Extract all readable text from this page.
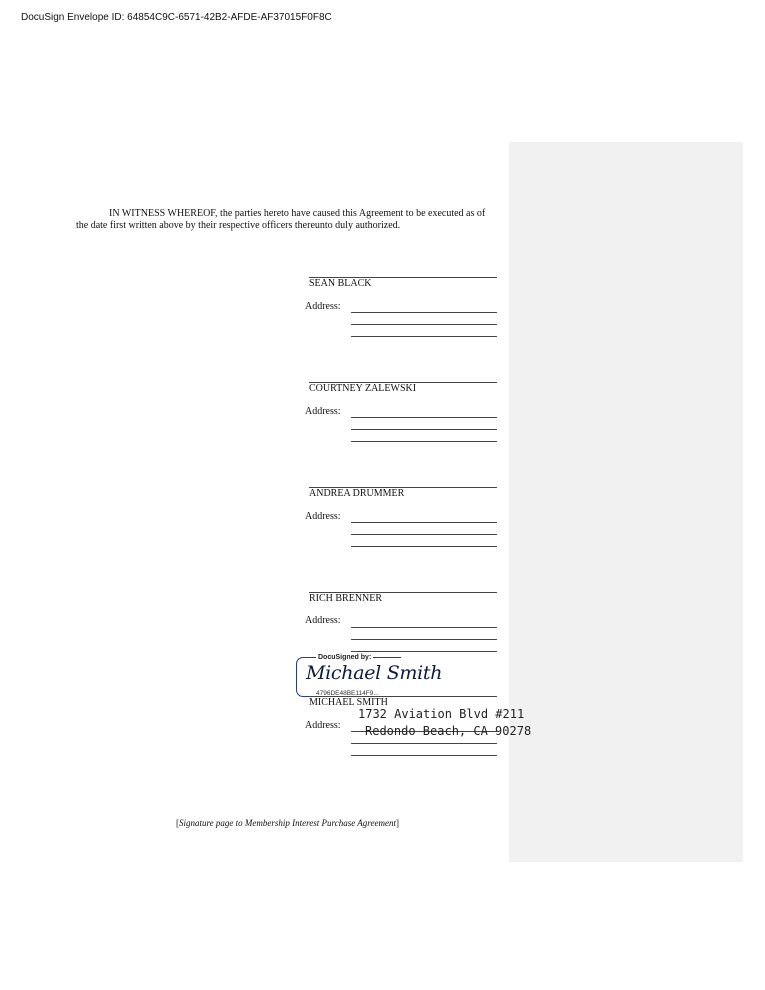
DocuSign Envelope ID: 64854C9C-6571-42B2-AFDE-AF37015F0F8C
IN WITNESS WHEREOF, the parties hereto have caused this Agreement to be executed as of
the date first written above by their respective officers thereunto duly authorized.
SEAN BLACK
Address:
COURTNEY ZALEWSKI
Address:
ANDREA DRUMMER
Address:
RICH BRENNER
Address:
DocuSigned by:
Michael Smith
4796DE48BE114F9...
MICHAEL SMITH
1732 Aviation Blvd #211
Address: Redondo Beach, CA 90278
[Signature page to Membership Interest Purchase Agreement]
